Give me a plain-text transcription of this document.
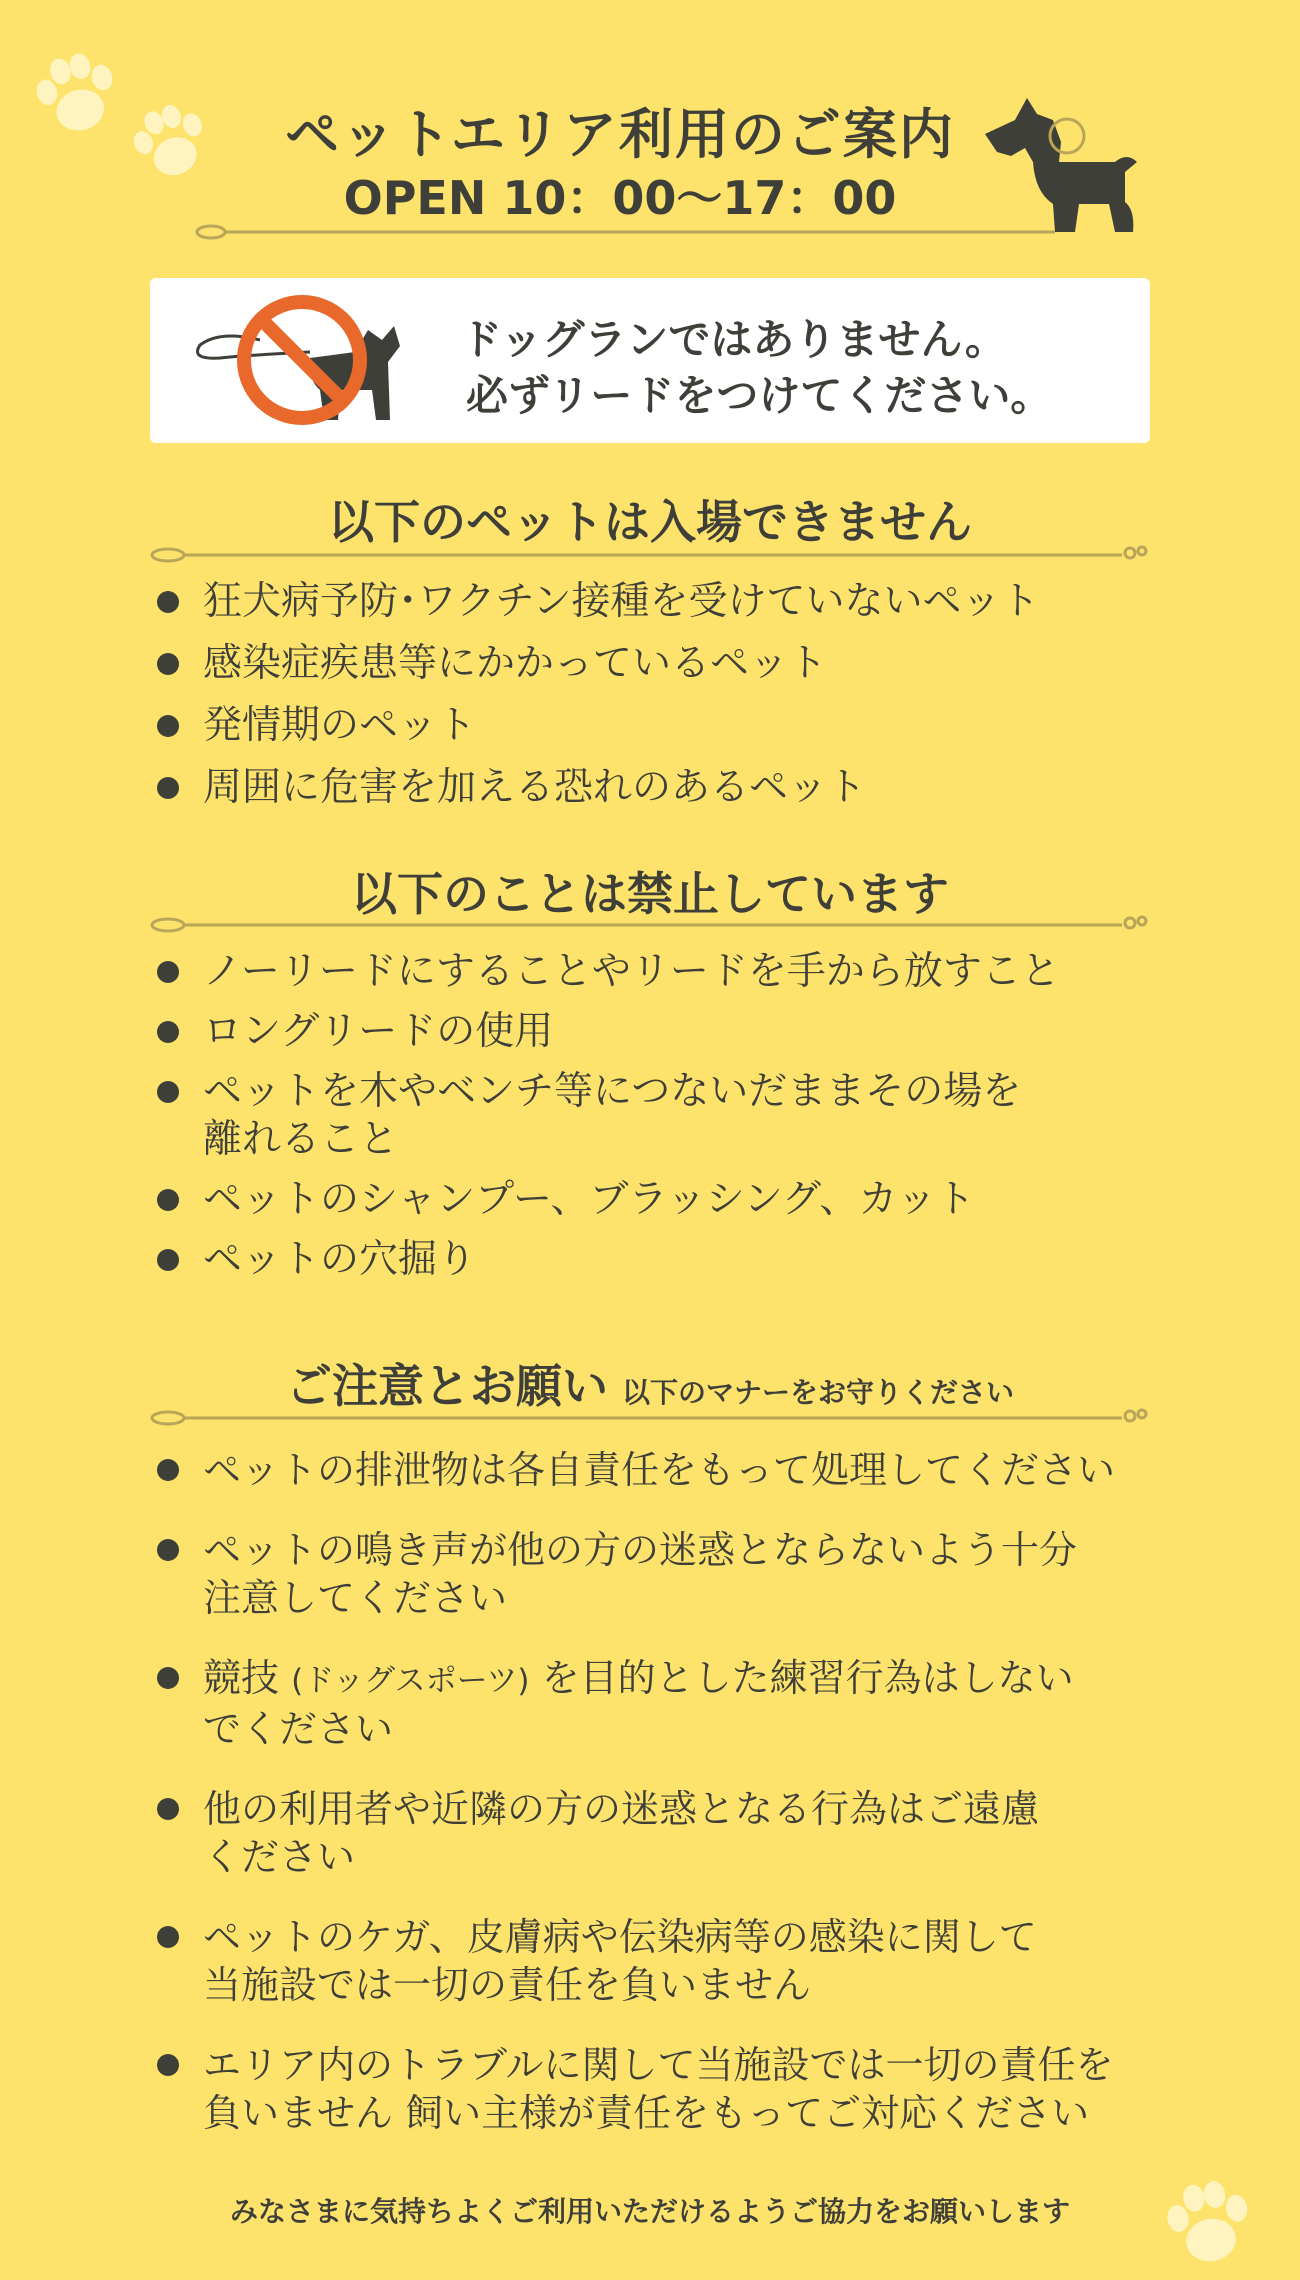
ペットエリア利用のご案内
OPEN 10：00～17：00
ドッグランではありません。
必ずリードをつけてください。
以下のペットは入場できません
狂犬病予防･ワクチン接種を受けていないペット
感染症疾患等にかかっているペット
発情期のペット
周囲に危害を加える恐れのあるペット
以下のことは禁止しています
ノーリードにすることやリードを手から放すこと
ロングリードの使用
ペットを木やベンチ等につないだままその場を
離れること
ペットのシャンプー、ブラッシング、カット
ペットの穴掘り
ご注意とお願い 以下のマナーをお守りください
ペットの排泄物は各自責任をもって処理してください
ペットの鳴き声が他の方の迷惑とならないよう十分
注意してください
競技 (ドッグスポーツ) を目的とした練習行為はしない
でください
他の利用者や近隣の方の迷惑となる行為はご遠慮
ください
ペットのケガ、皮膚病や伝染病等の感染に関して
当施設では一切の責任を負いません
エリア内のトラブルに関して当施設では一切の責任を
負いません 飼い主様が責任をもってご対応ください
みなさまに気持ちよくご利用いただけるようご協力をお願いします
